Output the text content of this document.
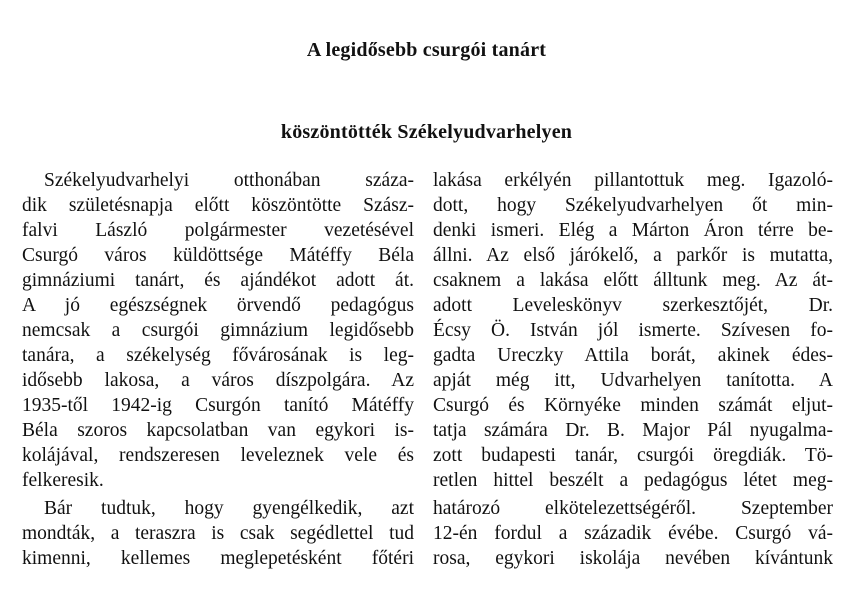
A legidősebb csurgói tanárt
köszöntötték Székelyudvarhelyen
Székelyudvarhelyi otthonában száza-
dik születésnapja előtt köszöntötte Szász-
falvi László polgármester vezetésével
Csurgó város küldöttsége Mátéffy Béla
gimnáziumi tanárt, és ajándékot adott át.
A jó egészségnek örvendő pedagógus
nemcsak a csurgói gimnázium legidősebb
tanára, a székelység fővárosának is leg-
idősebb lakosa, a város díszpolgára. Az
1935-től 1942-ig Csurgón tanító Mátéffy
Béla szoros kapcsolatban van egykori is-
kolájával, rendszeresen leveleznek vele és
felkeresik.
Bár tudtuk, hogy gyengélkedik, azt
mondták, a teraszra is csak segédlettel tud
kimenni, kellemes meglepetésként főtéri
lakása erkélyén pillantottuk meg. Igazoló-
dott, hogy Székelyudvarhelyen őt min-
denki ismeri. Elég a Márton Áron térre be-
állni. Az első járókelő, a parkőr is mutatta,
csaknem a lakása előtt álltunk meg. Az át-
adott Leveleskönyv szerkesztőjét, Dr.
Écsy Ö. István jól ismerte. Szívesen fo-
gadta Ureczky Attila borát, akinek édes-
apját még itt, Udvarhelyen tanította. A
Csurgó és Környéke minden számát eljut-
tatja számára Dr. B. Major Pál nyugalma-
zott budapesti tanár, csurgói öregdiák. Tö-
retlen hittel beszélt a pedagógus létet meg-
határozó elkötelezettségéről. Szeptember
12-én fordul a századik évébe. Csurgó vá-
rosa, egykori iskolája nevében kívántunk
